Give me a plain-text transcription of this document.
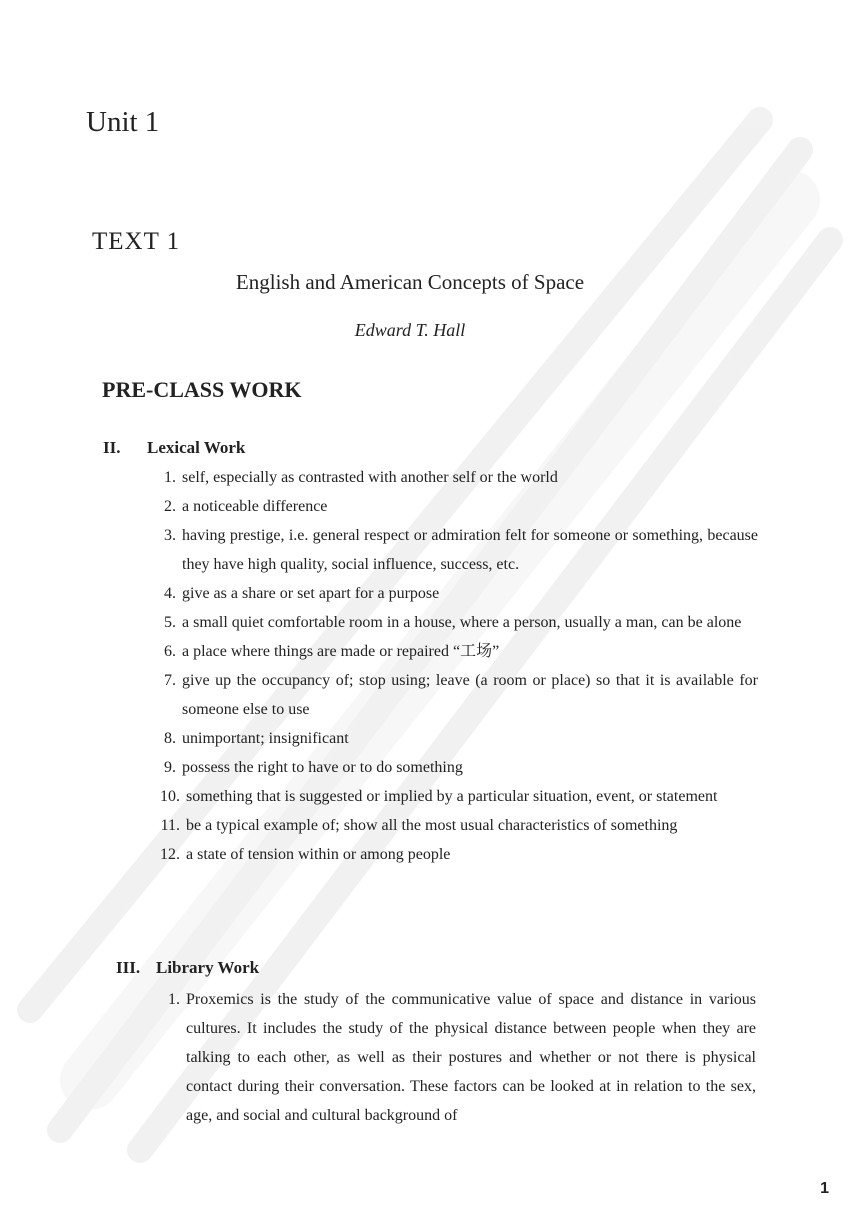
Unit 1
TEXT 1
English and American Concepts of Space
Edward T. Hall
PRE-CLASS WORK
II. Lexical Work
1. self, especially as contrasted with another self or the world
2. a noticeable difference
3. having prestige, i.e. general respect or admiration felt for someone or something, because they have high quality, social influence, success, etc.
4. give as a share or set apart for a purpose
5. a small quiet comfortable room in a house, where a person, usually a man, can be alone
6. a place where things are made or repaired “工场”
7. give up the occupancy of; stop using; leave (a room or place) so that it is available for someone else to use
8. unimportant; insignificant
9. possess the right to have or to do something
10. something that is suggested or implied by a particular situation, event, or statement
11. be a typical example of; show all the most usual characteristics of something
12. a state of tension within or among people
III. Library Work
1. Proxemics is the study of the communicative value of space and distance in various cultures. It includes the study of the physical distance between people when they are talking to each other, as well as their postures and whether or not there is physical contact during their conversation. These factors can be looked at in relation to the sex, age, and social and cultural background of
1
